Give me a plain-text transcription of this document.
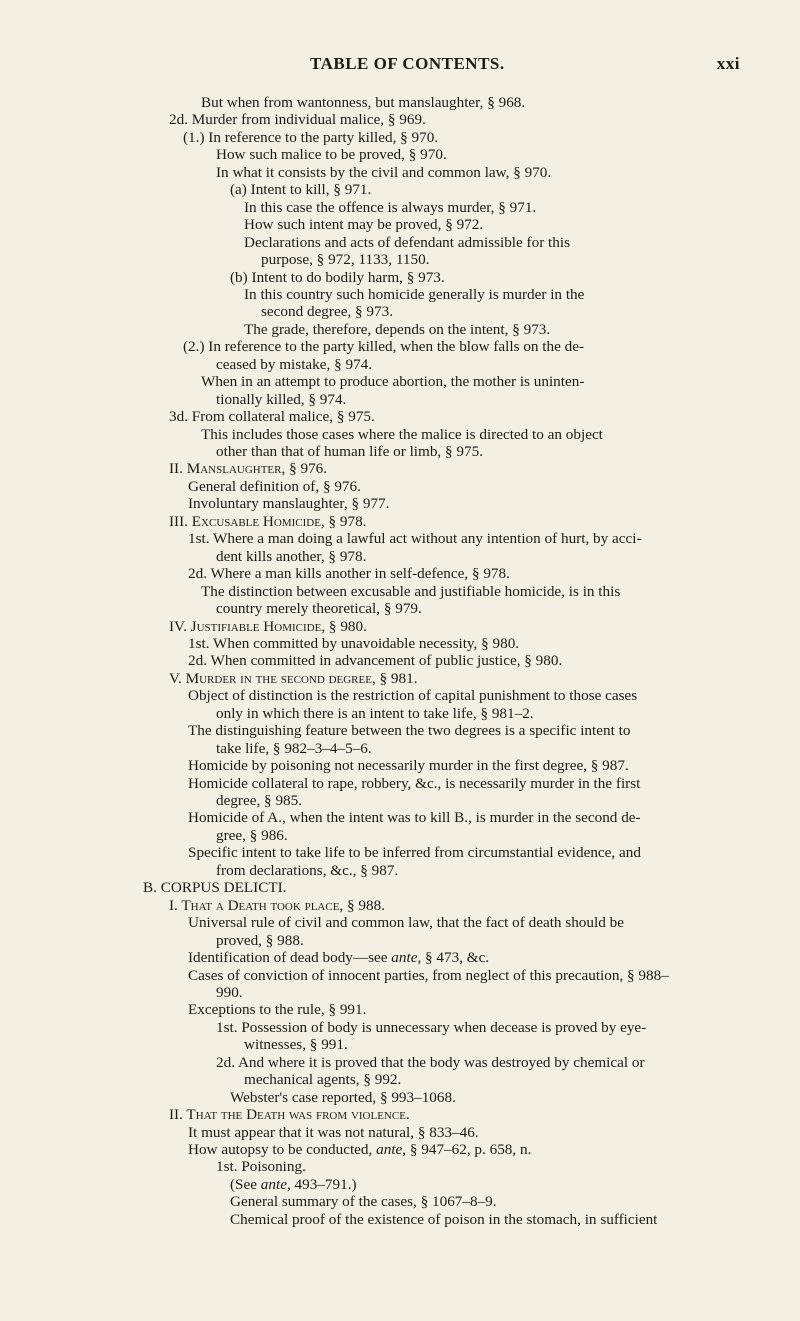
TABLE OF CONTENTS.	xxi
But when from wantonness, but manslaughter, § 968.
2d. Murder from individual malice, § 969.
(1.) In reference to the party killed, § 970.
How such malice to be proved, § 970.
In what it consists by the civil and common law, § 970.
(a) Intent to kill, § 971.
In this case the offence is always murder, § 971.
How such intent may be proved, § 972.
Declarations and acts of defendant admissible for this
purpose, § 972, 1133, 1150.
(b) Intent to do bodily harm, § 973.
In this country such homicide generally is murder in the
second degree, § 973.
The grade, therefore, depends on the intent, § 973.
(2.) In reference to the party killed, when the blow falls on the de-
ceased by mistake, § 974.
When in an attempt to produce abortion, the mother is uninten-
tionally killed, § 974.
3d. From collateral malice, § 975.
This includes those cases where the malice is directed to an object
other than that of human life or limb, § 975.
II. Manslaughter, § 976.
General definition of, § 976.
Involuntary manslaughter, § 977.
III. Excusable Homicide, § 978.
1st. Where a man doing a lawful act without any intention of hurt, by acci-
dent kills another, § 978.
2d. Where a man kills another in self-defence, § 978.
The distinction between excusable and justifiable homicide, is in this
country merely theoretical, § 979.
IV. Justifiable Homicide, § 980.
1st. When committed by unavoidable necessity, § 980.
2d. When committed in advancement of public justice, § 980.
V. Murder in the second degree, § 981.
Object of distinction is the restriction of capital punishment to those cases
only in which there is an intent to take life, § 981–2.
The distinguishing feature between the two degrees is a specific intent to
take life, § 982–3–4–5–6.
Homicide by poisoning not necessarily murder in the first degree, § 987.
Homicide collateral to rape, robbery, &c., is necessarily murder in the first
degree, § 985.
Homicide of A., when the intent was to kill B., is murder in the second de-
gree, § 986.
Specific intent to take life to be inferred from circumstantial evidence, and
from declarations, &c., § 987.
B. CORPUS DELICTI.
I. That a Death took place, § 988.
Universal rule of civil and common law, that the fact of death should be
proved, § 988.
Identification of dead body—see ante, § 473, &c.
Cases of conviction of innocent parties, from neglect of this precaution, § 988–
990.
Exceptions to the rule, § 991.
1st. Possession of body is unnecessary when decease is proved by eye-
witnesses, § 991.
2d. And where it is proved that the body was destroyed by chemical or
mechanical agents, § 992.
Webster's case reported, § 993–1068.
II. That the Death was from violence.
It must appear that it was not natural, § 833–46.
How autopsy to be conducted, ante, § 947–62, p. 658, n.
1st. Poisoning.
(See ante, 493–791.)
General summary of the cases, § 1067–8–9.
Chemical proof of the existence of poison in the stomach, in sufficient
